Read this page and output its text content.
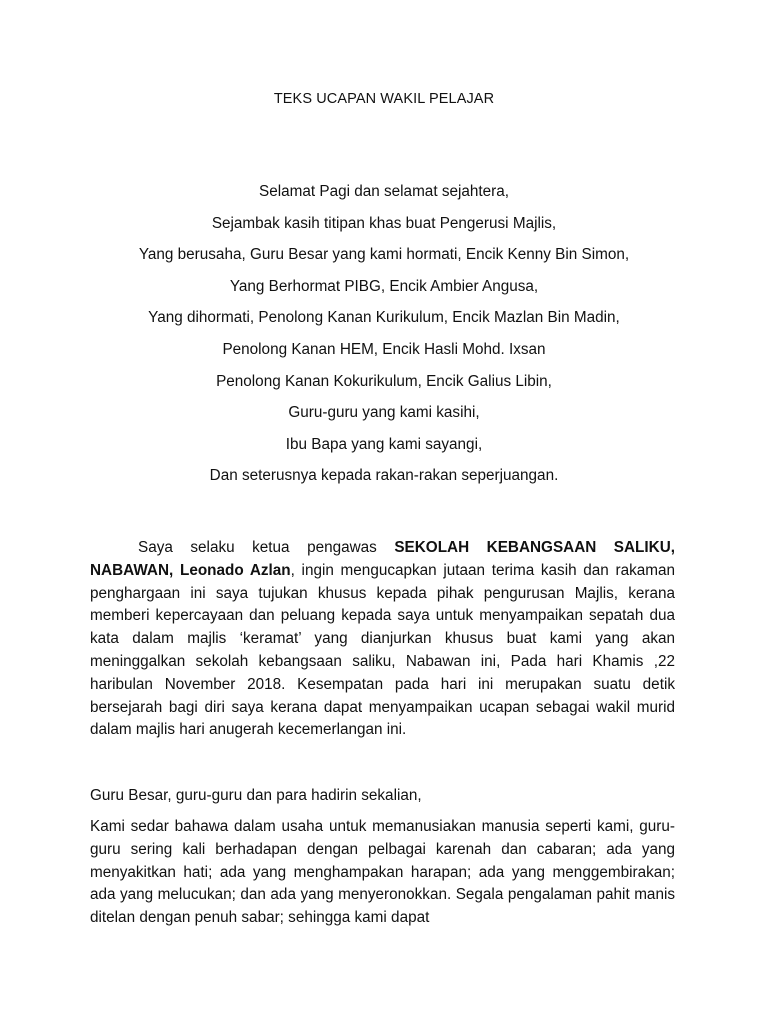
TEKS UCAPAN WAKIL PELAJAR
Selamat Pagi dan selamat sejahtera,
Sejambak kasih titipan khas buat Pengerusi Majlis,
Yang berusaha, Guru Besar yang kami hormati, Encik Kenny Bin Simon,
Yang Berhormat PIBG, Encik Ambier Angusa,
Yang dihormati, Penolong Kanan Kurikulum, Encik Mazlan Bin Madin,
Penolong Kanan HEM, Encik Hasli Mohd. Ixsan
Penolong Kanan Kokurikulum, Encik Galius Libin,
Guru-guru yang kami kasihi,
Ibu Bapa yang kami sayangi,
Dan seterusnya kepada rakan-rakan seperjuangan.

Saya selaku ketua pengawas SEKOLAH KEBANGSAAN SALIKU, NABAWAN, Leonado Azlan, ingin mengucapkan jutaan terima kasih dan rakaman penghargaan ini saya tujukan khusus kepada pihak pengurusan Majlis, kerana memberi kepercayaan dan peluang kepada saya untuk menyampaikan sepatah dua kata dalam majlis ‘keramat’ yang dianjurkan khusus buat kami yang akan meninggalkan sekolah kebangsaan saliku, Nabawan ini, Pada hari Khamis ,22 haribulan November 2018. Kesempatan pada hari ini merupakan suatu detik bersejarah bagi diri saya kerana dapat menyampaikan ucapan sebagai wakil murid dalam majlis hari anugerah kecemerlangan ini.

Guru Besar, guru-guru dan para hadirin sekalian,

Kami sedar bahawa dalam usaha untuk memanusiakan manusia seperti kami, guru-guru sering kali berhadapan dengan pelbagai karenah dan cabaran; ada yang menyakitkan hati; ada yang menghampakan harapan; ada yang menggembirakan; ada yang melucukan; dan ada yang menyeronokkan. Segala pengalaman pahit manis ditelan dengan penuh sabar; sehingga kami dapat
